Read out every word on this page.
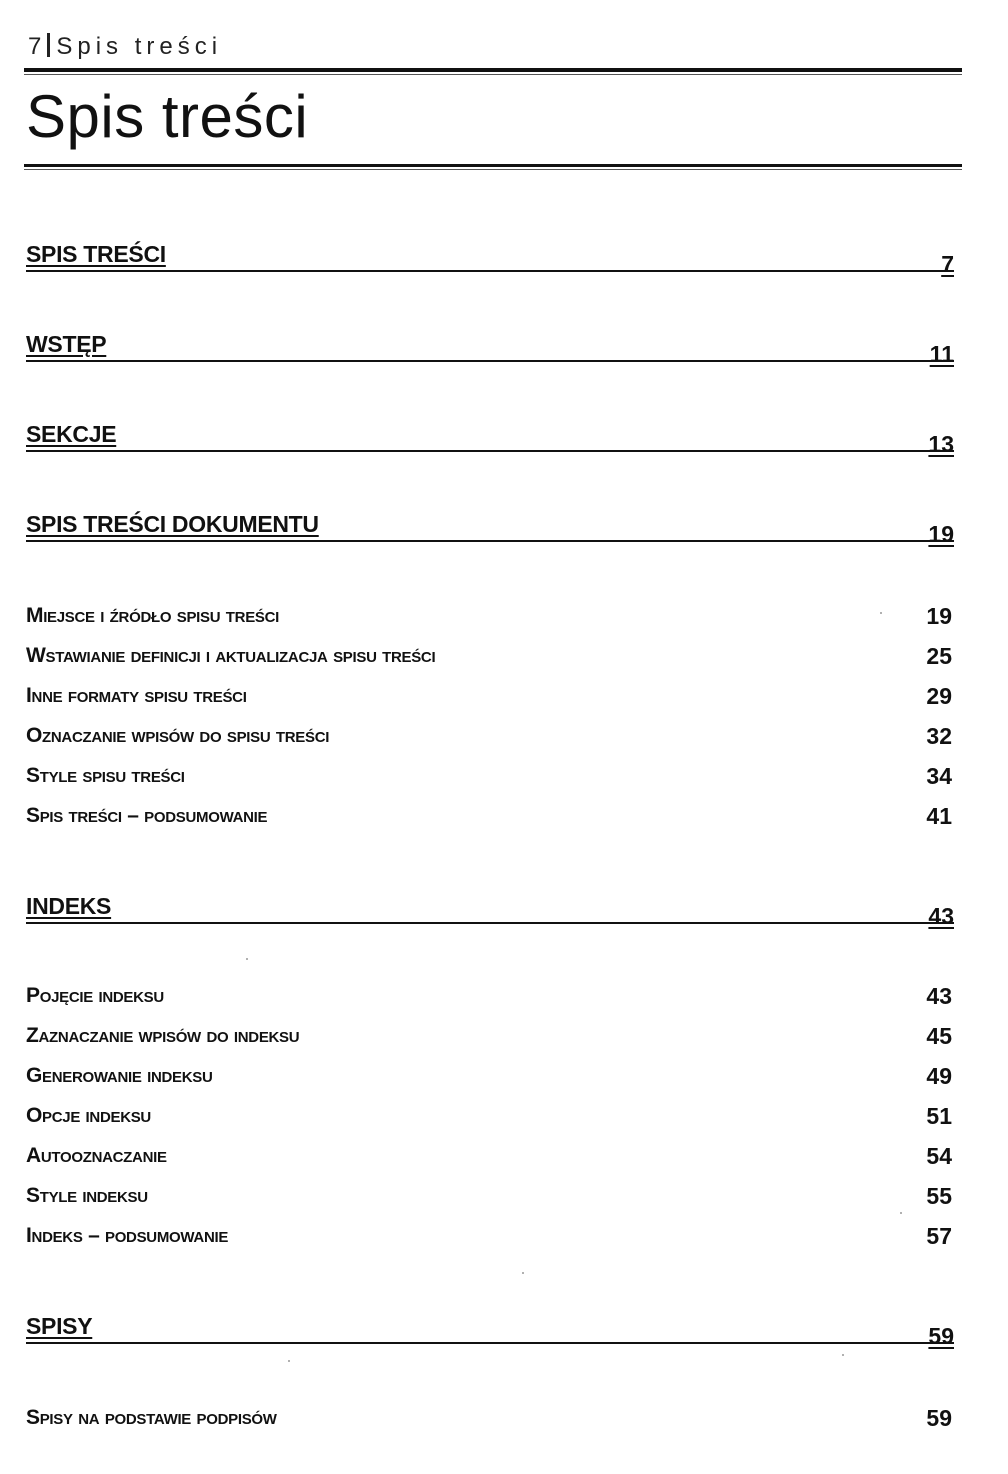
7 Spis treści
Spis treści
SPIS TREŚCI	7
WSTĘP	11
SEKCJE	13
SPIS TREŚCI DOKUMENTU	19
Miejsce i źródło spisu treści	19
Wstawianie definicji i aktualizacja spisu treści	25
Inne formaty spisu treści	29
Oznaczanie wpisów do spisu treści	32
Style spisu treści	34
Spis treści – podsumowanie	41
INDEKS	43
Pojęcie indeksu	43
Zaznaczanie wpisów do indeksu	45
Generowanie indeksu	49
Opcje indeksu	51
Autooznaczanie	54
Style indeksu	55
Indeks – podsumowanie	57
SPISY	59
Spisy na podstawie podpisów	59
